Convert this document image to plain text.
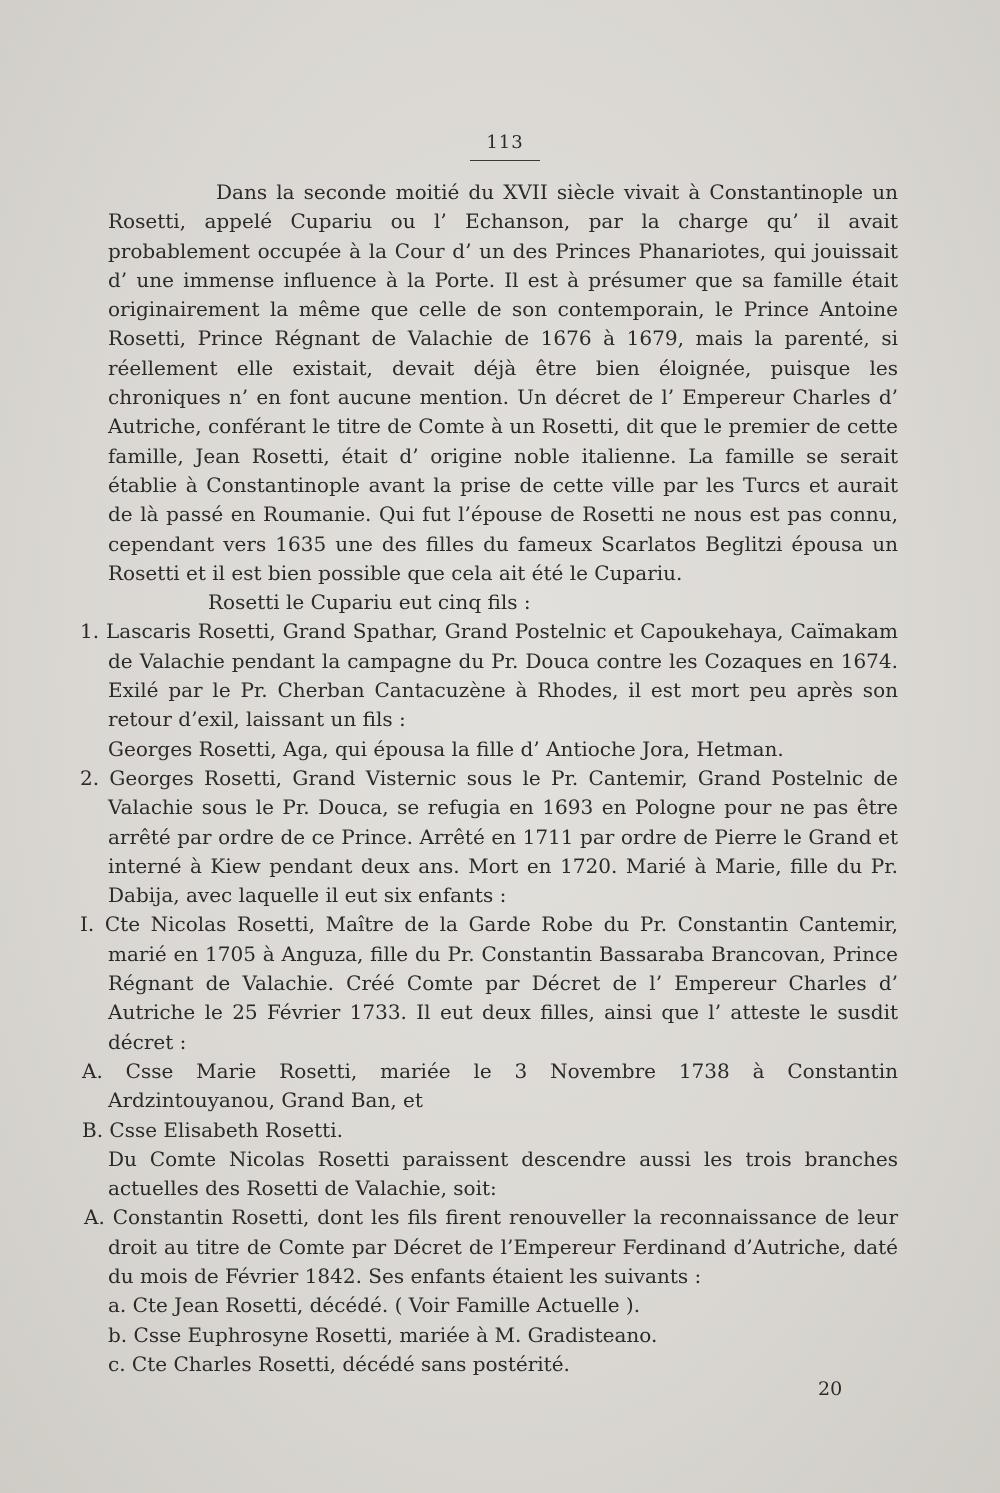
113

Dans la seconde moitié du XVII siècle vivait à Constantinople un Rosetti, appelé Cupariu ou l’ Echanson, par la charge qu’ il avait probablement occupée à la Cour d’ un des Princes Phanariotes, qui jouissait d’ une immense influence à la Porte. Il est à présumer que sa famille était originairement la même que celle de son contemporain, le Prince Antoine Rosetti, Prince Régnant de Valachie de 1676 à 1679, mais la parenté, si réellement elle existait, devait déjà être bien éloignée, puisque les chroniques n’ en font aucune mention. Un décret de l’ Empereur Charles d’ Autriche, conférant le titre de Comte à un Rosetti, dit que le premier de cette famille, Jean Rosetti, était d’ origine noble italienne. La famille se serait établie à Constantinople avant la prise de cette ville par les Turcs et aurait de là passé en Roumanie. Qui fut l’épouse de Rosetti ne nous est pas connu, cependant vers 1635 une des filles du fameux Scarlatos Beglitzi épousa un Rosetti et il est bien possible que cela ait été le Cupariu.

Rosetti le Cupariu eut cinq fils :

1. Lascaris Rosetti, Grand Spathar, Grand Postelnic et Capoukehaya, Caïmakam de Valachie pendant la campagne du Pr. Douca contre les Cozaques en 1674. Exilé par le Pr. Cherban Cantacuzène à Rhodes, il est mort peu après son retour d’exil, laissant un fils :

Georges Rosetti, Aga, qui épousa la fille d’ Antioche Jora, Hetman.

2. Georges Rosetti, Grand Visternic sous le Pr. Cantemir, Grand Postelnic de Valachie sous le Pr. Douca, se refugia en 1693 en Pologne pour ne pas être arrêté par ordre de ce Prince. Arrêté en 1711 par ordre de Pierre le Grand et interné à Kiew pendant deux ans. Mort en 1720. Marié à Marie, fille du Pr. Dabija, avec laquelle il eut six enfants :

I. Cte Nicolas Rosetti, Maître de la Garde Robe du Pr. Constantin Cantemir, marié en 1705 à Anguza, fille du Pr. Constantin Bassaraba Brancovan, Prince Régnant de Valachie. Créé Comte par Décret de l’ Empereur Charles d’ Autriche le 25 Février 1733. Il eut deux filles, ainsi que l’ atteste le susdit décret :

A. Csse Marie Rosetti, mariée le 3 Novembre 1738 à Constantin Ardzintouyanou, Grand Ban, et

B. Csse Elisabeth Rosetti.

Du Comte Nicolas Rosetti paraissent descendre aussi les trois branches actuelles des Rosetti de Valachie, soit:

A. Constantin Rosetti, dont les fils firent renouveller la reconnaissance de leur droit au titre de Comte par Décret de l’Empereur Ferdinand d’Autriche, daté du mois de Février 1842. Ses enfants étaient les suivants :

a. Cte Jean Rosetti, décédé. ( Voir Famille Actuelle ).

b. Csse Euphrosyne Rosetti, mariée à M. Gradisteano.

c. Cte Charles Rosetti, décédé sans postérité.

20
